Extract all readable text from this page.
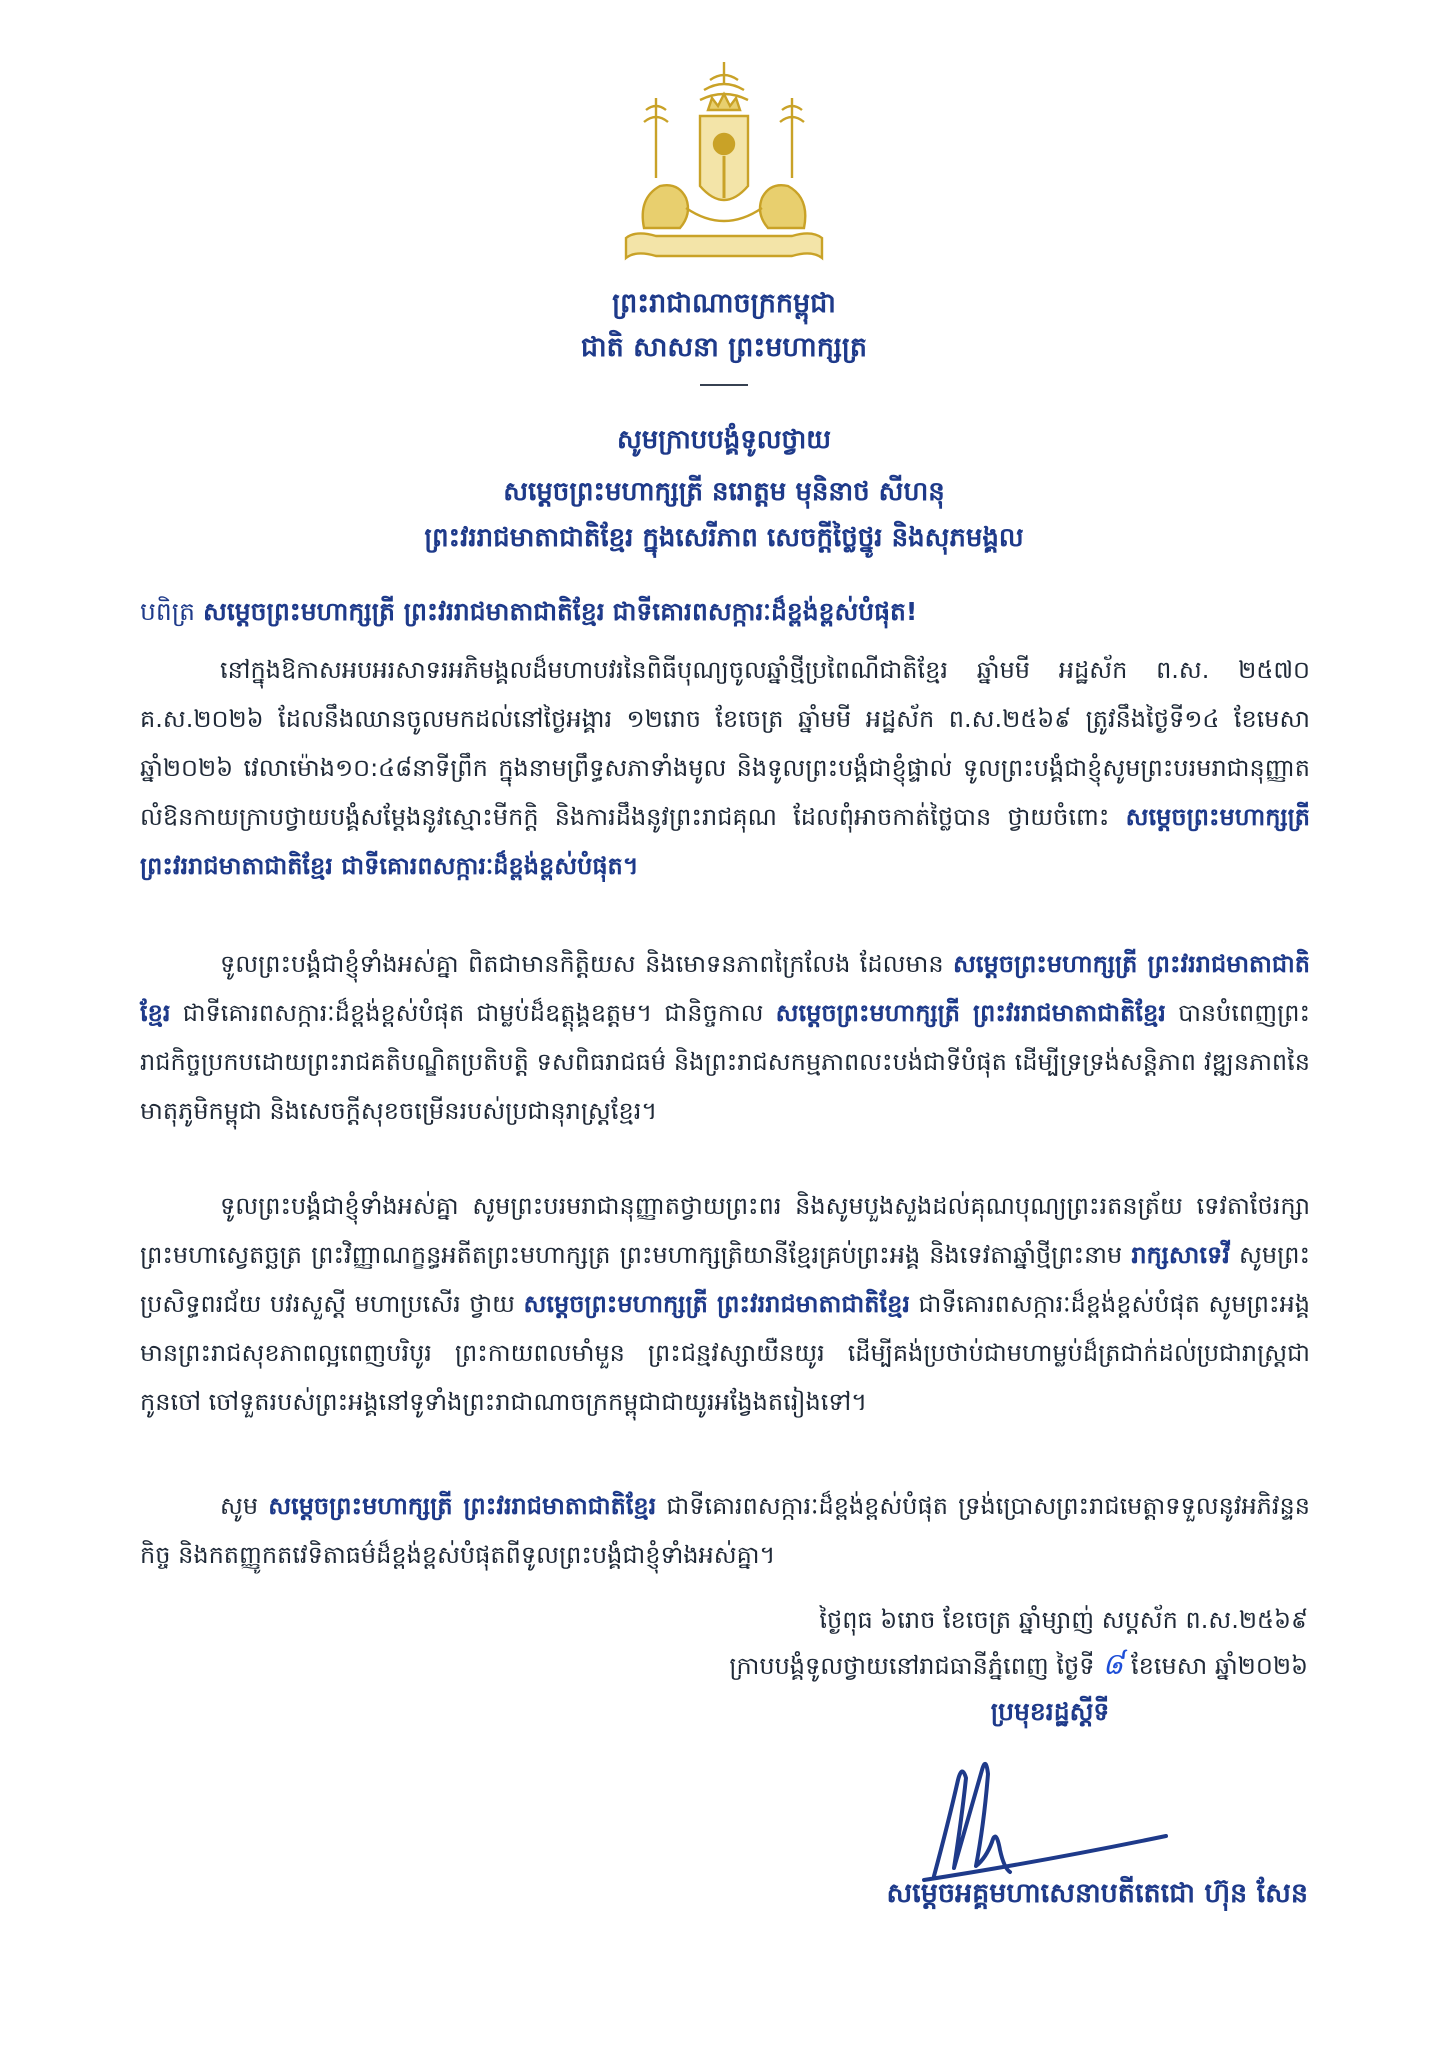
ព្រះរាជាណាចក្រកម្ពុជា
ជាតិ សាសនា ព្រះមហាក្សត្រ
សូមក្រាបបង្គំទូលថ្វាយ
សម្តេចព្រះមហាក្សត្រី នរោត្តម មុនិនាថ សីហនុ
ព្រះវររាជមាតាជាតិខ្មែរ ក្នុងសេរីភាព សេចក្តីថ្លៃថ្នូរ និងសុភមង្គល
បពិត្រ សម្តេចព្រះមហាក្សត្រី ព្រះវររាជមាតាជាតិខ្មែរ ជាទីគោរពសក្ការៈដ៏ខ្ពង់ខ្ពស់បំផុត!

នៅក្នុងឱកាសអបអរសាទរអភិមង្គលដ៏មហាបវរនៃពិធីបុណ្យចូលឆ្នាំថ្មីប្រពៃណីជាតិខ្មែរ ឆ្នាំមមី អដ្ឋស័ក ព.ស. ២៥៧០ គ.ស.២០២៦ ដែលនឹងឈានចូលមកដល់នៅថ្ងៃអង្គារ ១២រោច ខែចេត្រ ឆ្នាំមមី អដ្ឋស័ក ព.ស.២៥៦៩ ត្រូវនឹងថ្ងៃទី១៤ ខែមេសា ឆ្នាំ២០២៦ វេលាម៉ោង១០:៤៨នាទីព្រឹក ក្នុងនាមព្រឹទ្ធសភាទាំងមូល និងទូលព្រះបង្គំជាខ្ញុំផ្ទាល់ ទូលព្រះបង្គំជាខ្ញុំសូមព្រះបរមរាជានុញ្ញាតលំឱនកាយក្រាបថ្វាយបង្គំសម្តែងនូវស្មោះមីកក្តិ និងការដឹងនូវព្រះរាជគុណ ដែលពុំអាចកាត់ថ្លៃបាន ថ្វាយចំពោះ សម្តេចព្រះមហាក្សត្រី ព្រះវររាជមាតាជាតិខ្មែរ ជាទីគោរពសក្ការៈដ៏ខ្ពង់ខ្ពស់បំផុត។

ទូលព្រះបង្គំជាខ្ញុំទាំងអស់គ្នា ពិតជាមានកិត្តិយស និងមោទនភាពក្រៃលែង ដែលមាន សម្តេចព្រះមហាក្សត្រី ព្រះវររាជមាតាជាតិខ្មែរ ជាទីគោរពសក្ការៈដ៏ខ្ពង់ខ្ពស់បំផុត ជាម្លប់ដ៏ឧត្តុង្គឧត្តម។ ជានិច្ចកាល សម្តេចព្រះមហាក្សត្រី ព្រះវររាជមាតាជាតិខ្មែរ បានបំពេញព្រះរាជកិច្ចប្រកបដោយព្រះរាជគតិបណ្ឌិតប្រតិបត្តិ ទសពិធរាជធម៌ និងព្រះរាជសកម្មភាពលះបង់ជាទីបំផុត ដើម្បីទ្រទ្រង់សន្តិភាព វឌ្ឍនភាពនៃមាតុភូមិកម្ពុជា និងសេចក្តីសុខចម្រើនរបស់ប្រជានុរាស្ត្រខ្មែរ។

ទូលព្រះបង្គំជាខ្ញុំទាំងអស់គ្នា សូមព្រះបរមរាជានុញ្ញាតថ្វាយព្រះពរ និងសូមបួងសួងដល់គុណបុណ្យព្រះរតនត្រ័យ ទេវតាថែរក្សាព្រះមហាស្វេតច្ឆត្រ ព្រះវិញ្ញាណក្ខន្ធអតីតព្រះមហាក្សត្រ ព្រះមហាក្សត្រិយានីខ្មែរគ្រប់ព្រះអង្គ និងទេវតាឆ្នាំថ្មីព្រះនាម រាក្សសាទេវី សូមព្រះប្រសិទ្ធពរជ័យ បវរសួស្តី មហាប្រសើរ ថ្វាយ សម្តេចព្រះមហាក្សត្រី ព្រះវររាជមាតាជាតិខ្មែរ ជាទីគោរពសក្ការៈដ៏ខ្ពង់ខ្ពស់បំផុត សូមព្រះអង្គមានព្រះរាជសុខភាពល្អពេញបរិបូរ ព្រះកាយពលមាំមួន ព្រះជន្មវស្សាយឺនយូរ ដើម្បីគង់ប្រថាប់ជាមហាម្លប់ដ៏ត្រជាក់ដល់ប្រជារាស្ត្រជាកូនចៅ ចៅទួតរបស់ព្រះអង្គនៅទូទាំងព្រះរាជាណាចក្រកម្ពុជាជាយូរអង្វែងតរៀងទៅ។

សូម សម្តេចព្រះមហាក្សត្រី ព្រះវររាជមាតាជាតិខ្មែរ ជាទីគោរពសក្ការៈដ៏ខ្ពង់ខ្ពស់បំផុត ទ្រង់ប្រោសព្រះរាជមេត្តាទទួលនូវអភិវន្ទនកិច្ច និងកតញ្ញូកតវេទិតាធម៌ដ៏ខ្ពង់ខ្ពស់បំផុតពីទូលព្រះបង្គំជាខ្ញុំទាំងអស់គ្នា។

ថ្ងៃពុធ ៦រោច ខែចេត្រ ឆ្នាំម្សាញ់ សប្តស័ក ព.ស.២៥៦៩
ក្រាបបង្គំទូលថ្វាយនៅរាជធានីភ្នំពេញ ថ្ងៃទី ៨ ខែមេសា ឆ្នាំ២០២៦
ប្រមុខរដ្ឋស្តីទី
សម្តេចអគ្គមហាសេនាបតីតេជោ ហ៊ុន សែន
